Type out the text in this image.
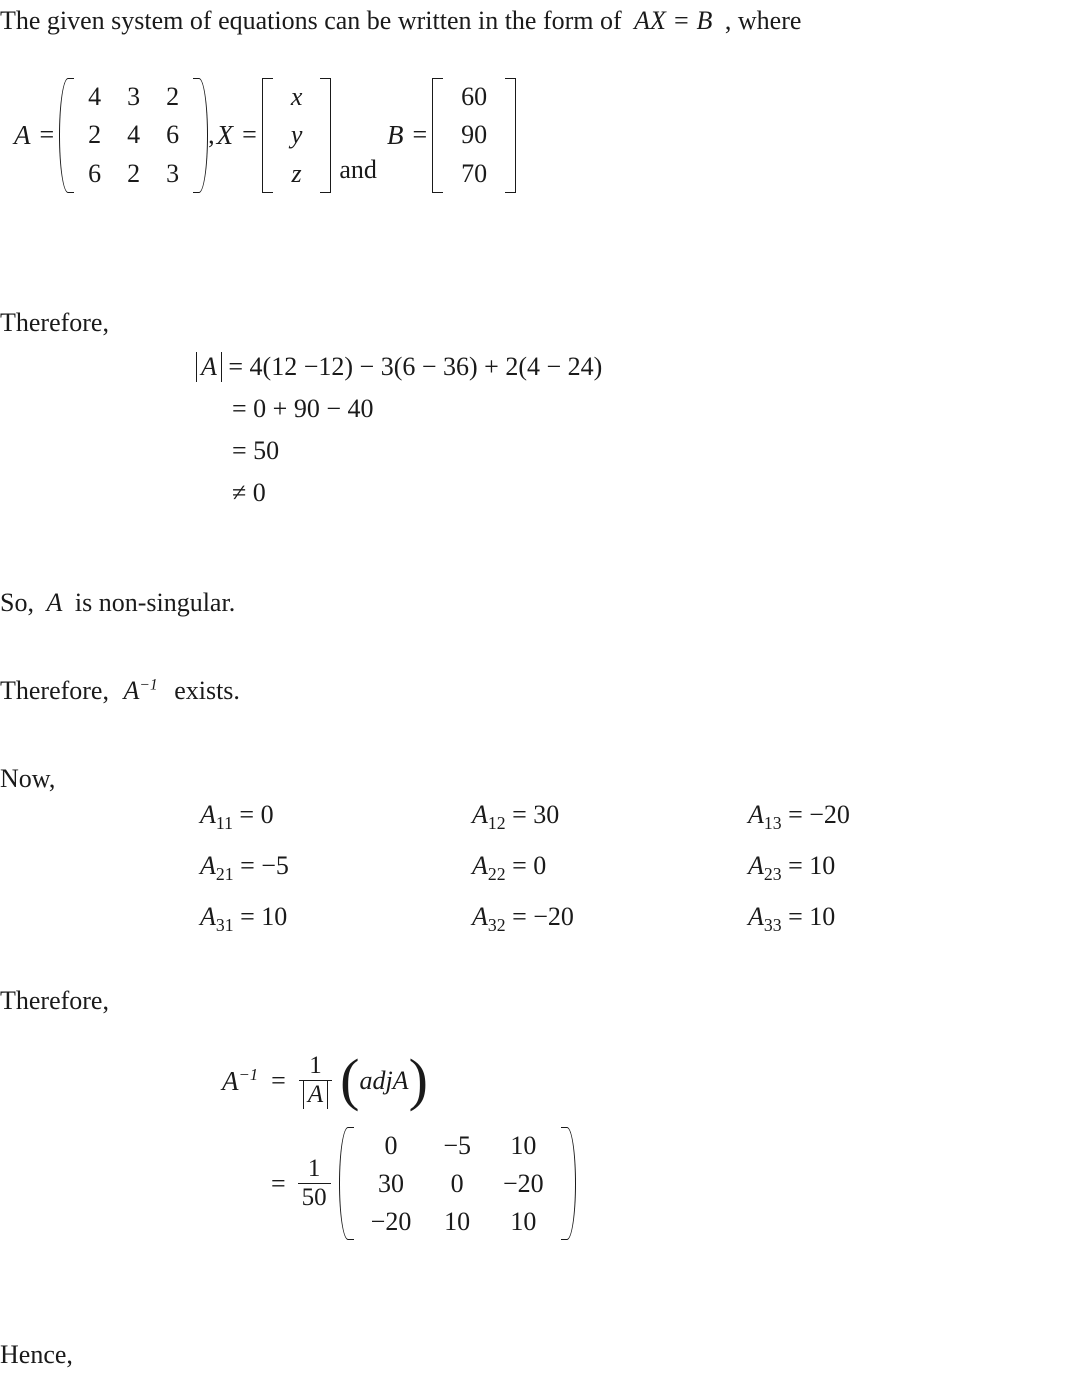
The given system of equations can be written in the form of AX = B , where
A =
4	3	2
2	4	6
6	2	3
, X =
x
y
z and
B =
60
90
70
Therefore,
A = 4(12 −12) − 3(6 − 36) + 2(4 − 24)
= 0 + 90 − 40
= 50
≠ 0
So, A is non-singular.
Therefore, $A^{-1}$ exists.
Now,
$A_{11} = 0$	$A_{12} = 30$	$A_{13} = -20$
$A_{21} = -5$	$A_{22} = 0$	$A_{23} = 10$
$A_{31} = 10$	$A_{32} = -20$	$A_{33} = 10$
Therefore,
$A^{-1} = \frac{1}{A}$ ( adjA )
= $\frac{1}{50}$
0	−5	10
30	0	−20
−20	10	10
Hence,
